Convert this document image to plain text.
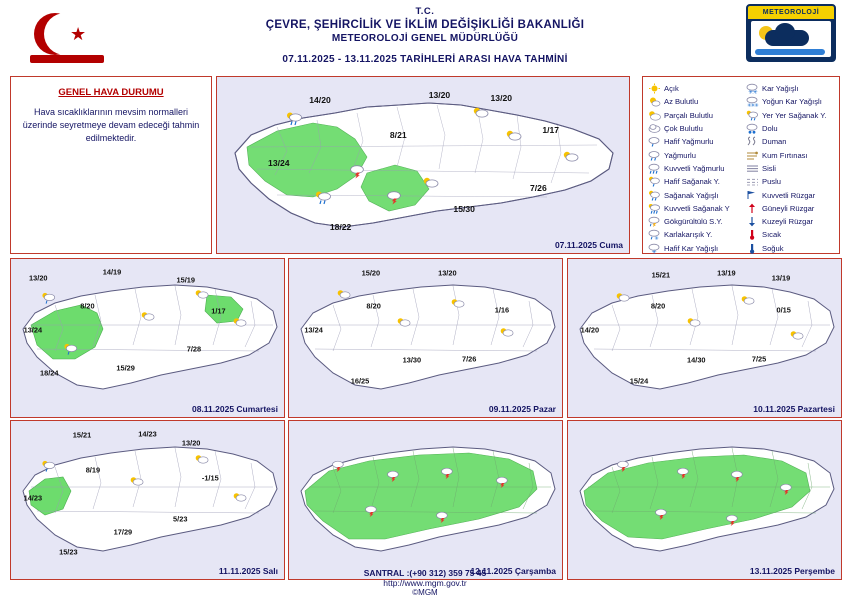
★
T.C.
ÇEVRE, ŞEHİRCİLİK VE İKLİM DEĞİŞİKLİĞİ BAKANLIĞI
METEOROLOJİ GENEL MÜDÜRLÜĞÜ
07.11.2025 - 13.11.2025 TARİHLERİ ARASI HAVA TAHMİNİ
METEOROLOJİ
GENEL HAVA DURUMU
Hava sıcaklıklarının mevsim normalleri üzerinde seyretmeye devam edeceği tahmin edilmektedir.
Açık
Az Bulutlu
Parçalı Bulutlu
Çok Bulutlu
Hafif Yağmurlu
Yağmurlu
Kuvvetli Yağmurlu
Hafif Sağanak Y.
Sağanak Yağışlı
Kuvvetli Sağanak Y
Gökgürültülü S.Y.
✳ Karlakarışık Y.
✳ Hafif Kar Yağışlı
✳ ✳ Kar Yağışlı
✳
✳
✳ Yoğun Kar Yağışlı
Yer Yer Sağanak Y.
Dolu
Duman
Kum Fırtınası
Sisli
Puslu
Kuvvetli Rüzgar
Güneyli Rüzgar
Kuzeyli Rüzgar
Sıcak
Soğuk
14/20
13/20	13/20
8/21
1/17
13/24
7/26
15/30
18/22
07.11.2025 Cuma
13/20
14/19
15/19
8/20
1/17
13/24
7/28
15/29
18/24
08.11.2025 Cumartesi
15/20	13/20
8/20	1/16
13/24
13/30	7/26
16/25
09.11.2025 Pazar
15/21	13/19
13/19
8/20	0/15
14/20
14/30	7/25
15/24
10.11.2025 Pazartesi
15/21	14/23
13/20
8/19
-1/15
14/23
5/23
17/29
15/23
11.11.2025 Salı	12.11.2025 Çarşamba	13.11.2025 Perşembe
SANTRAL :(+90 312) 359 75 45
http://www.mgm.gov.tr
©MGM
